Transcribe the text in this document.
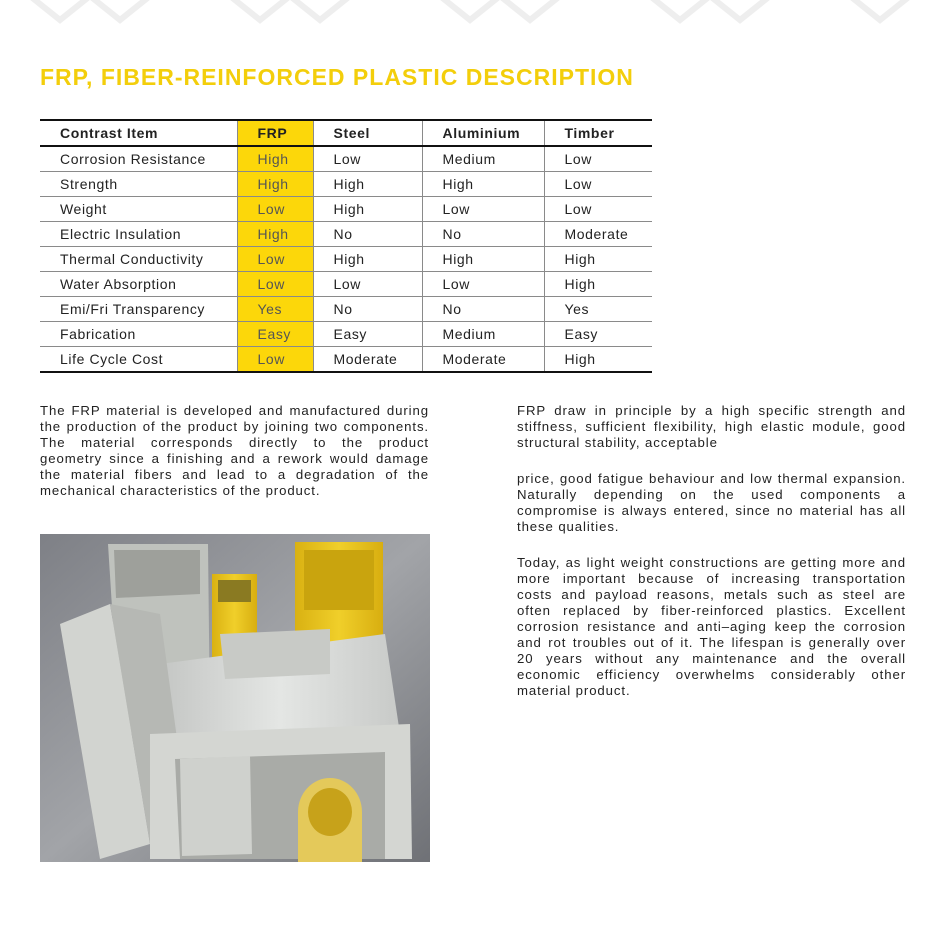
FRP, FIBER-REINFORCED PLASTIC DESCRIPTION
Contrast Item	FRP	Steel	Aluminium	Timber
Corrosion Resistance	High	Low	Medium	Low
Strength	High	High	High	Low
Weight	Low	High	Low	Low
Electric Insulation	High	No	No	Moderate
Thermal Conductivity	Low	High	High	High
Water Absorption	Low	Low	Low	High
Emi/Fri Transparency	Yes	No	No	Yes
Fabrication	Easy	Easy	Medium	Easy
Life Cycle Cost	Low	Moderate	Moderate	High

The FRP material is developed and manufactured during the production of the product by joining two components. The material corresponds directly to the product geometry since a finishing and a rework would damage the material fibers and lead to a degradation of the mechanical characteristics of the product.

FRP draw in principle by a high specific strength and stiffness, sufficient flexibility, high elastic module, good structural stability, acceptable

price, good fatigue behaviour and low thermal expansion. Naturally depending on the used components a compromise is always entered, since no material has all these qualities.

Today, as light weight constructions are getting more and more important because of increasing transportation costs and payload reasons, metals such as steel are often replaced by fiber-reinforced plastics. Excellent corrosion resistance and anti–aging keep the corrosion and rot troubles out of it. The lifespan is generally over 20 years without any maintenance and the overall economic efficiency overwhelms considerably other material product.
